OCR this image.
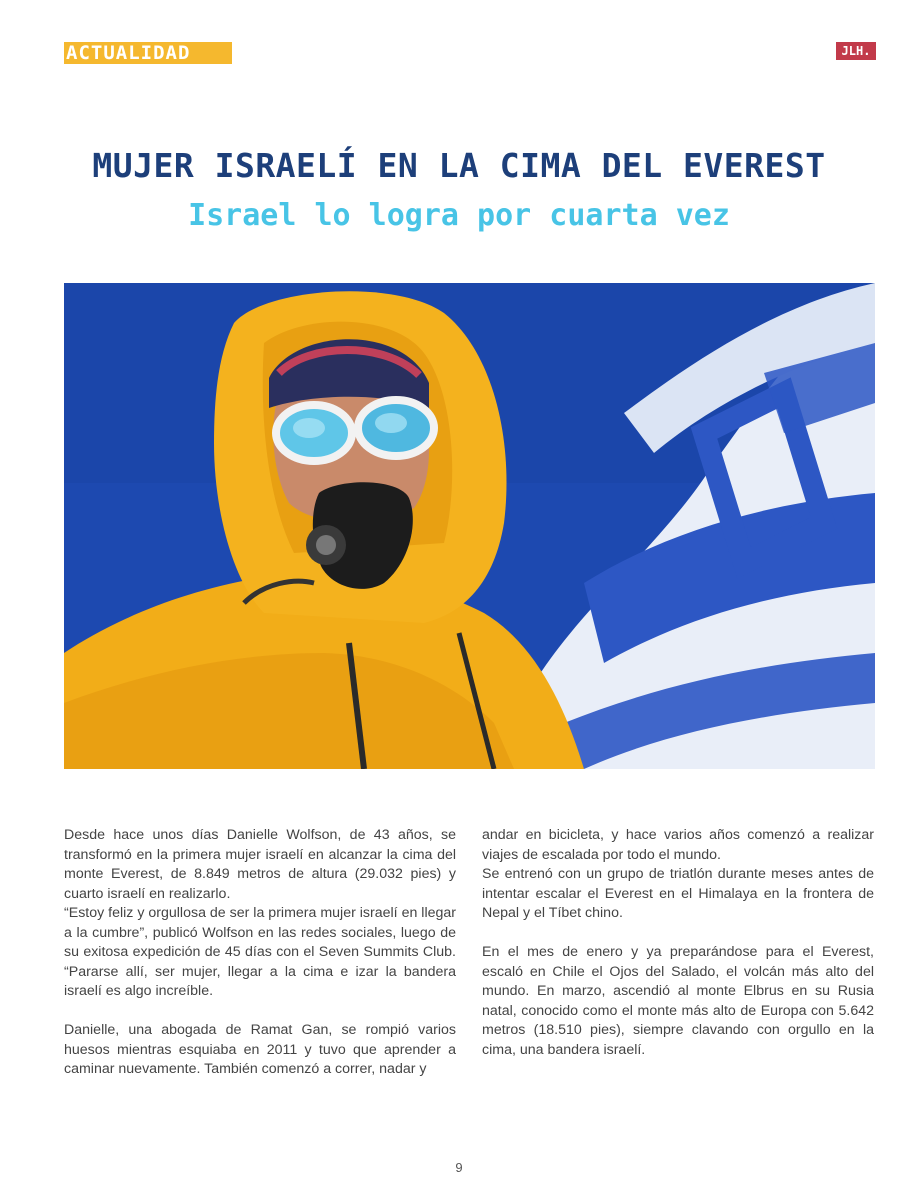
ACTUALIDAD	JLH.
MUJER ISRAELÍ EN LA CIMA DEL EVEREST
Israel lo logra por cuarta vez

Desde hace unos días Danielle Wolfson, de 43 años, se transformó en la primera mujer israelí en alcanzar la cima del monte Everest, de 8.849 metros de altura (29.032 pies) y cuarto israelí en realizarlo.

“Estoy feliz y orgullosa de ser la primera mujer israelí en llegar a la cumbre”, publicó Wolfson en las redes sociales, luego de su exitosa expedición de 45 días con el Seven Summits Club. “Pararse allí, ser mujer, llegar a la cima e izar la bandera israelí es algo increíble.

Danielle, una abogada de Ramat Gan, se rompió varios huesos mientras esquiaba en 2011 y tuvo que aprender a caminar nuevamente. También comenzó a correr, nadar y

andar en bicicleta, y hace varios años comenzó a realizar viajes de escalada por todo el mundo.

Se entrenó con un grupo de triatlón durante meses antes de intentar escalar el Everest en el Himalaya en la frontera de Nepal y el Tíbet chino.

En el mes de enero y ya preparándose para el Everest, escaló en Chile el Ojos del Salado, el volcán más alto del mundo. En marzo, ascendió al monte Elbrus en su Rusia natal, conocido como el monte más alto de Europa con 5.642 metros (18.510 pies), siempre clavando con orgullo en la cima, una bandera israelí.

9
